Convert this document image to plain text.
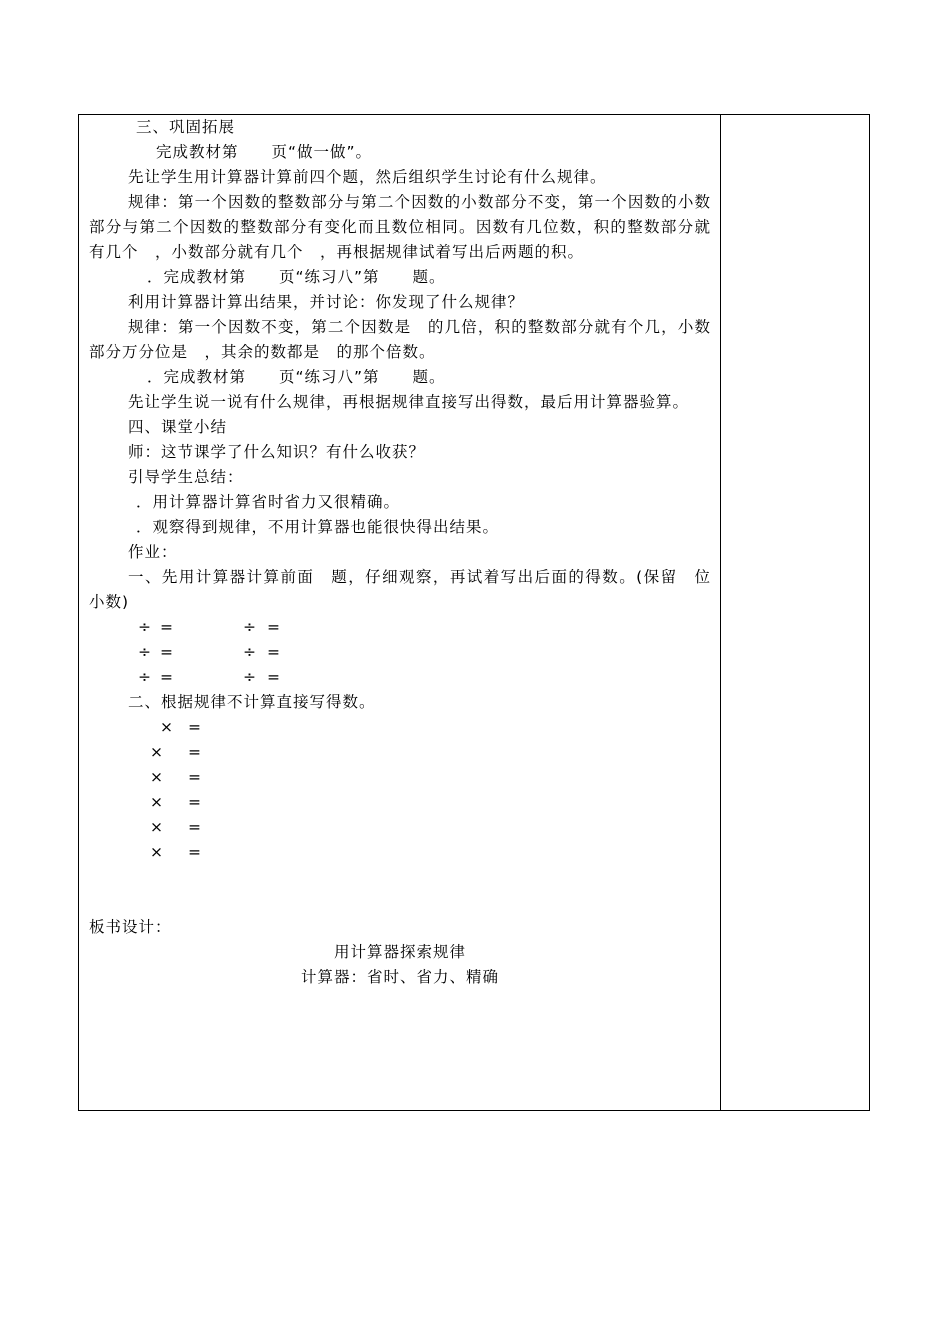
三、巩固拓展

完成教材第　　页“做一做”。

先让学生用计算器计算前四个题，然后组织学生讨论有什么规律。

规律：第一个因数的整数部分与第二个因数的小数部分不变，第一个因数的小数部分与第二个因数的整数部分有变化而且数位相同。因数有几位数，积的整数部分就有几个　，小数部分就有几个　，再根据规律试着写出后两题的积。

．完成教材第　　页“练习八”第　　题。

利用计算器计算出结果，并讨论：你发现了什么规律？

规律：第一个因数不变，第二个因数是　的几倍，积的整数部分就有个几，小数部分万分位是　，其余的数都是　的那个倍数。

．完成教材第　　页“练习八”第　　题。

先让学生说一说有什么规律，再根据规律直接写出得数，最后用计算器验算。

四、课堂小结

师：这节课学了什么知识？有什么收获？

引导学生总结：

．用计算器计算省时省力又很精确。

．观察得到规律，不用计算器也能很快得出结果。

作业：

一、先用计算器计算前面　题，仔细观察，再试着写出后面的得数。(保留　位小数)

÷ =	÷ =
÷ =	÷ =
÷ =	÷ =

二、根据规律不计算直接写得数。

× =
× =
× =
× =
× =
× =

板书设计：

用计算器探索规律

计算器：省时、省力、精确
